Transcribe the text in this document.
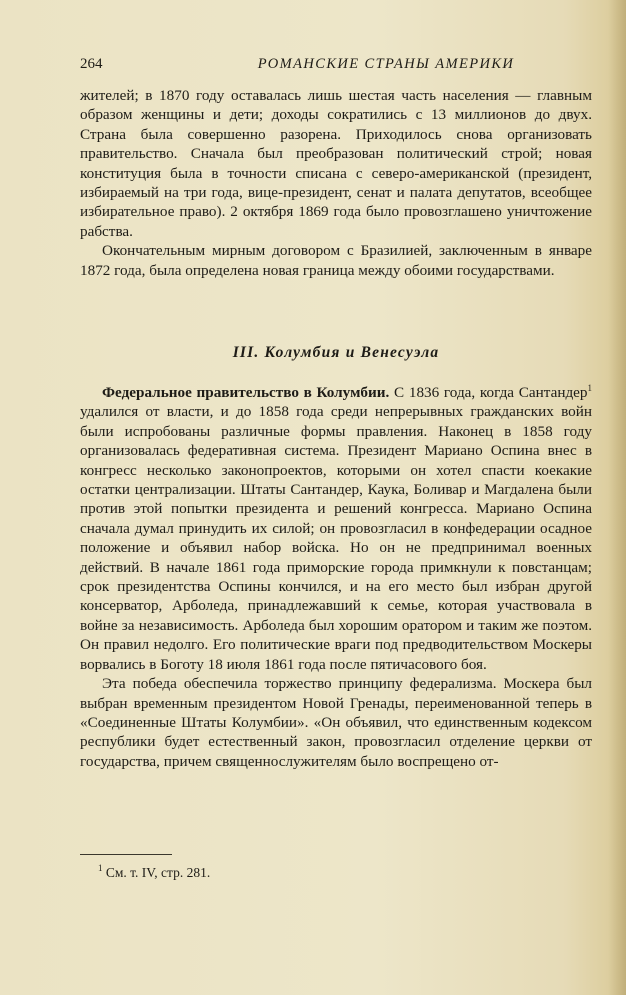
264	РОМАНСКИЕ СТРАНЫ АМЕРИКИ

жителей; в 1870 году оставалась лишь шестая часть населения — главным образом женщины и дети; доходы сократились с 13 миллионов до двух. Страна была совершенно разорена. Приходилось снова организовать правительство. Сначала был преобразован политический строй; новая конституция была в точности списана с северо-американской (президент, избираемый на три года, вице-президент, сенат и палата депутатов, всеобщее избирательное право). 2 октября 1869 года было провозглашено уничтожение рабства.

Окончательным мирным договором с Бразилией, заключенным в январе 1872 года, была определена новая граница между обоими государствами.

III. Колумбия и Венесуэла

Федеральное правительство в Колумбии. С 1836 года, когда Сантандер$^1$ удалился от власти, и до 1858 года среди непрерывных гражданских войн были испробованы различные формы правления. Наконец в 1858 году организовалась федеративная система. Президент Мариано Оспина внес в конгресс несколько законопроектов, которыми он хотел спасти коекакие остатки централизации. Штаты Сантандер, Каука, Боливар и Магдалена были против этой попытки президента и решений конгресса. Мариано Оспина сначала думал принудить их силой; он провозгласил в конфедерации осадное положение и объявил набор войска. Но он не предпринимал военных действий. В начале 1861 года приморские города примкнули к повстанцам; срок президентства Оспины кончился, и на его место был избран другой консерватор, Арболеда, принадлежавший к семье, которая участвовала в войне за независимость. Арболеда был хорошим оратором и таким же поэтом. Он правил недолго. Его политические враги под предводительством Москеры ворвались в Боготу 18 июля 1861 года после пятичасового боя.

Эта победа обеспечила торжество принципу федерализма. Москера был выбран временным президентом Новой Гренады, переименованной теперь в «Соединенные Штаты Колумбии». «Он объявил, что единственным кодексом республики будет естественный закон, провозгласил отделение церкви от государства, причем священнослужителям было воспрещено от-

$^1$ См. т. IV, стр. 281.
